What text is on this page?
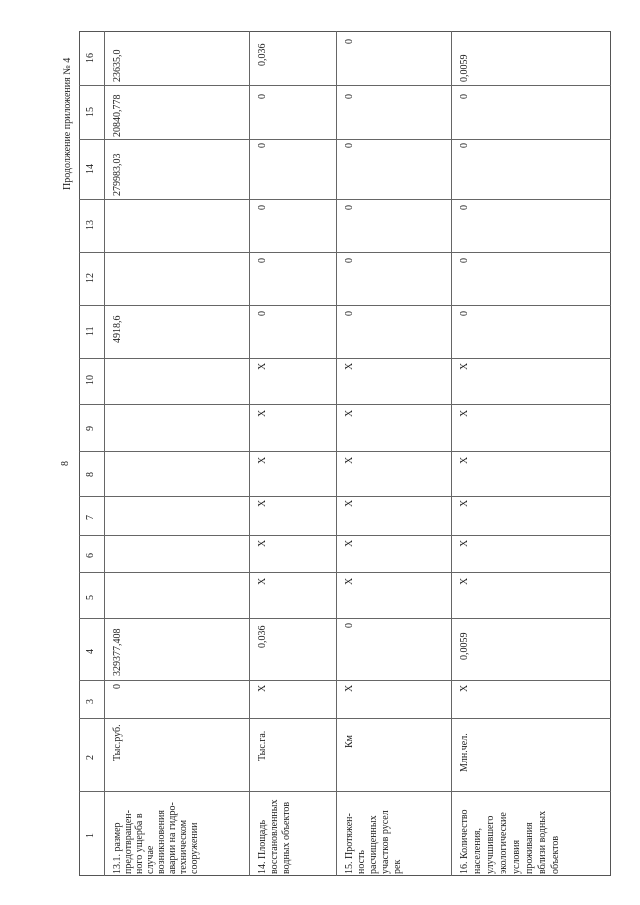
Продолжение приложения № 4
8
16
15
14
13
12
11
10
9
8
7
6
5
4
3
2
1
23635,0
20840,778
279983,03
4918,6
329377,408
0
Тыс.руб.
13.1. размер предотвращен- ного ущерба в случае возникновения аварии на гидро- техническом сооружении
0,036
0
0
0
0
0
Х
Х
Х
Х
Х
Х
0,036
Х
Тыс.га.
14. Площадь восстановленных водных объектов
0
0
0
0
0
0
Х
Х
Х
Х
Х
Х
0
Х
Км
15. Протяжен- ность расчищенных участков русел рек
0,0059
0
0
0
0
0
Х
Х
Х
Х
Х
Х
0,0059
Х
Млн.чел.
16. Количество населения, улучшившего экологические условия проживания вблизи водных объектов
